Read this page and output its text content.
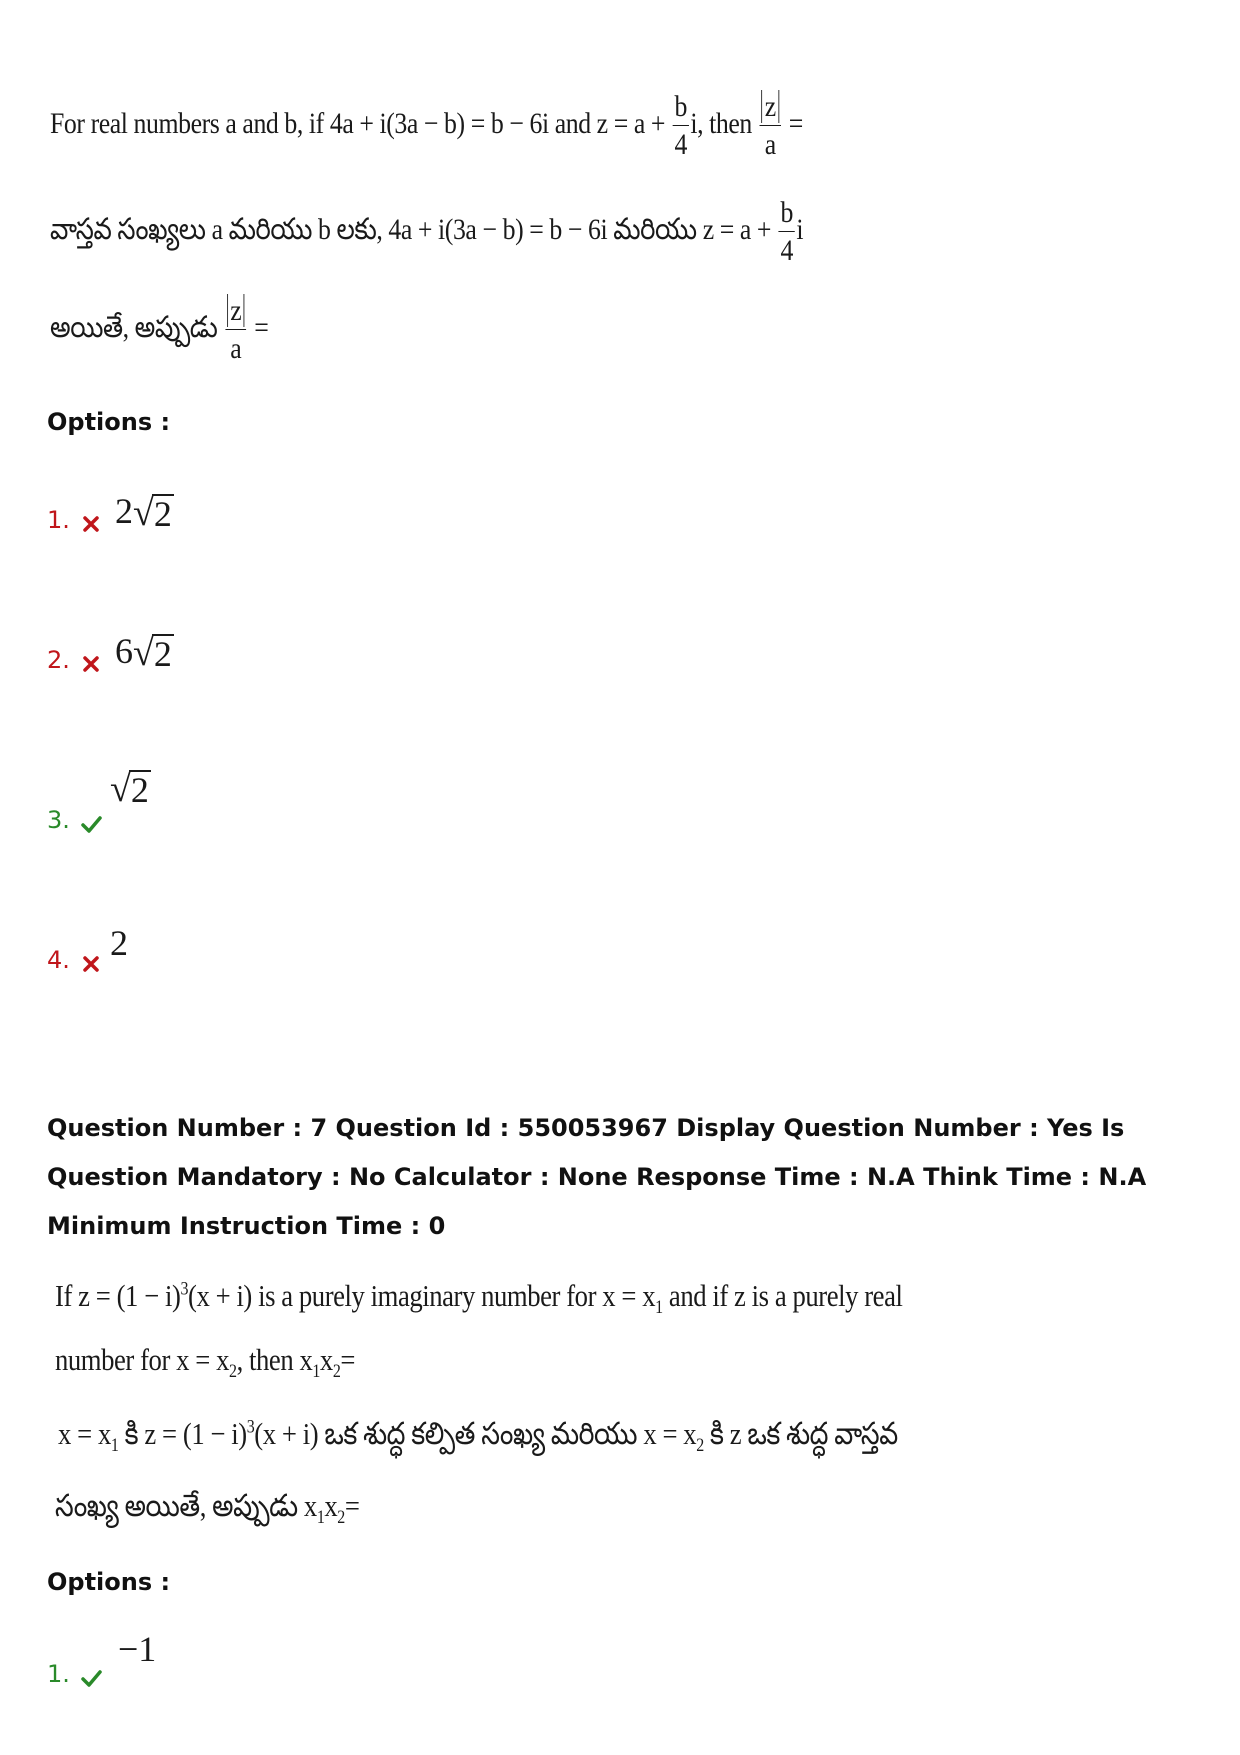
For real numbers a and b, if 4a + i(3a − b) = b − 6i and $z = a + \frac{b}{4} i$, then $\frac{z}{a}$ =
వాస్తవ సంఖ్యలు a మరియు b లకు, 4a + i(3a − b) = b − 6i మరియు $z = a + \frac{b}{4}$ i
అయితే, అప్పుడు $\frac{z}{a}$ =
Options :
1.	2 √ 2
2.	6 √ 2
3.
√ 2
4.	2
Question Number : 7 Question Id : 550053967 Display Question Number : Yes Is Question Mandatory : No Calculator : None Response Time : N.A Think Time : N.A Minimum Instruction Time : 0
If $z = (1 - i)^3(x + i)$ is a purely imaginary number for $x = x_1$ and if z is a purely real
number for $x = x_2$, then $x_1x_2=$
$x = x_1$ కి $z = (1 - i)^3(x + i)$ ఒక శుద్ధ కల్పిత సంఖ్య మరియు $x = x_2$ కి z ఒక శుద్ధ వాస్తవ
సంఖ్య అయితే, అప్పుడు $x_1x_2=$
Options :
1.
−1
